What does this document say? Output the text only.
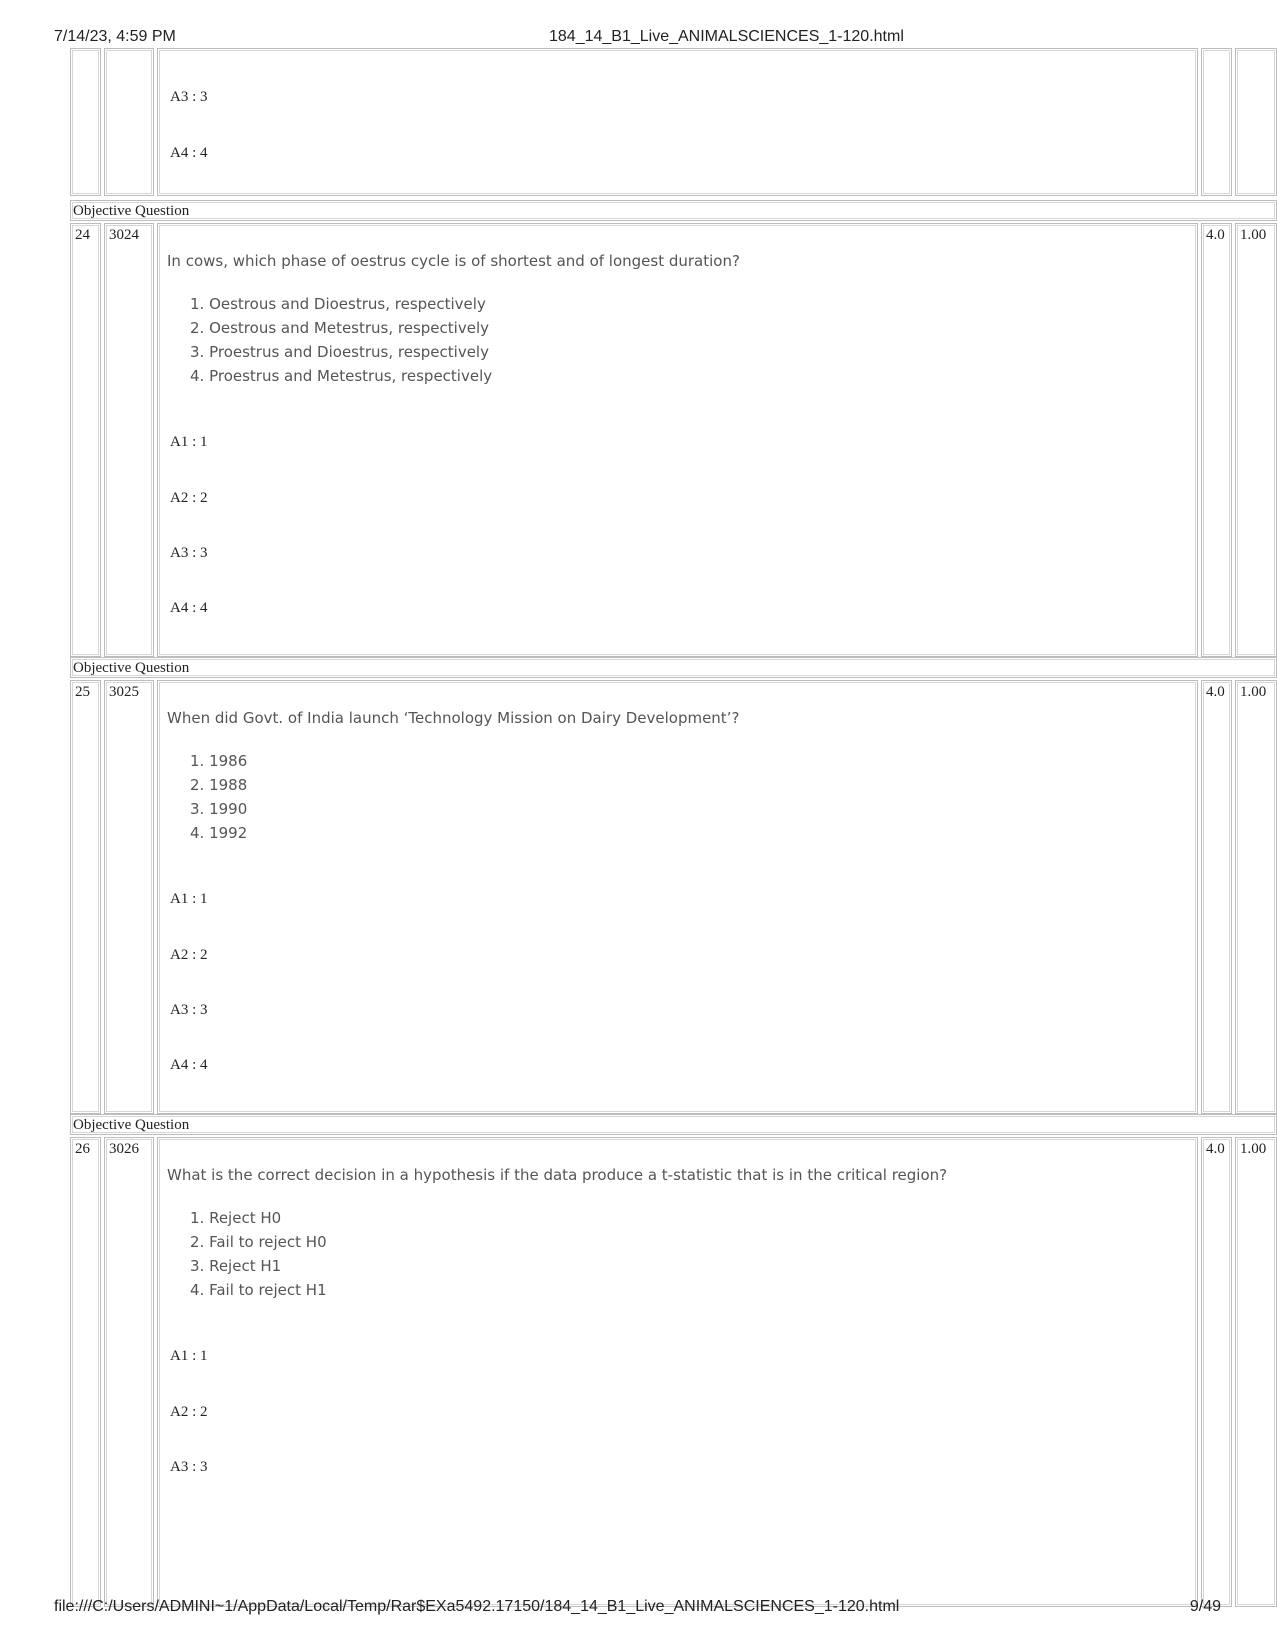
7/14/23, 4:59 PM	184_14_B1_Live_ANIMALSCIENCES_1-120.html
A3 : 3
A4 : 4
Objective Question
24 3024
In cows, which phase of oestrus cycle is of shortest and of longest duration?
1. Oestrous and Dioestrus, respectively
2. Oestrous and Metestrus, respectively
3. Proestrus and Dioestrus, respectively
4. Proestrus and Metestrus, respectively
A1 : 1
A2 : 2
A3 : 3
A4 : 4
4.0 1.00
Objective Question
25 3025
When did Govt. of India launch ‘Technology Mission on Dairy Development’?
1. 1986
2. 1988
3. 1990
4. 1992
A1 : 1
A2 : 2
A3 : 3
A4 : 4
4.0 1.00
Objective Question
26 3026
What is the correct decision in a hypothesis if the data produce a t-statistic that is in the critical region?
1. Reject H0
2. Fail to reject H0
3. Reject H1
4. Fail to reject H1
A1 : 1
A2 : 2
A3 : 3
4.0 1.00
file:///C:/Users/ADMINI~1/AppData/Local/Temp/Rar$EXa5492.17150/184_14_B1_Live_ANIMALSCIENCES_1-120.html	9/49
